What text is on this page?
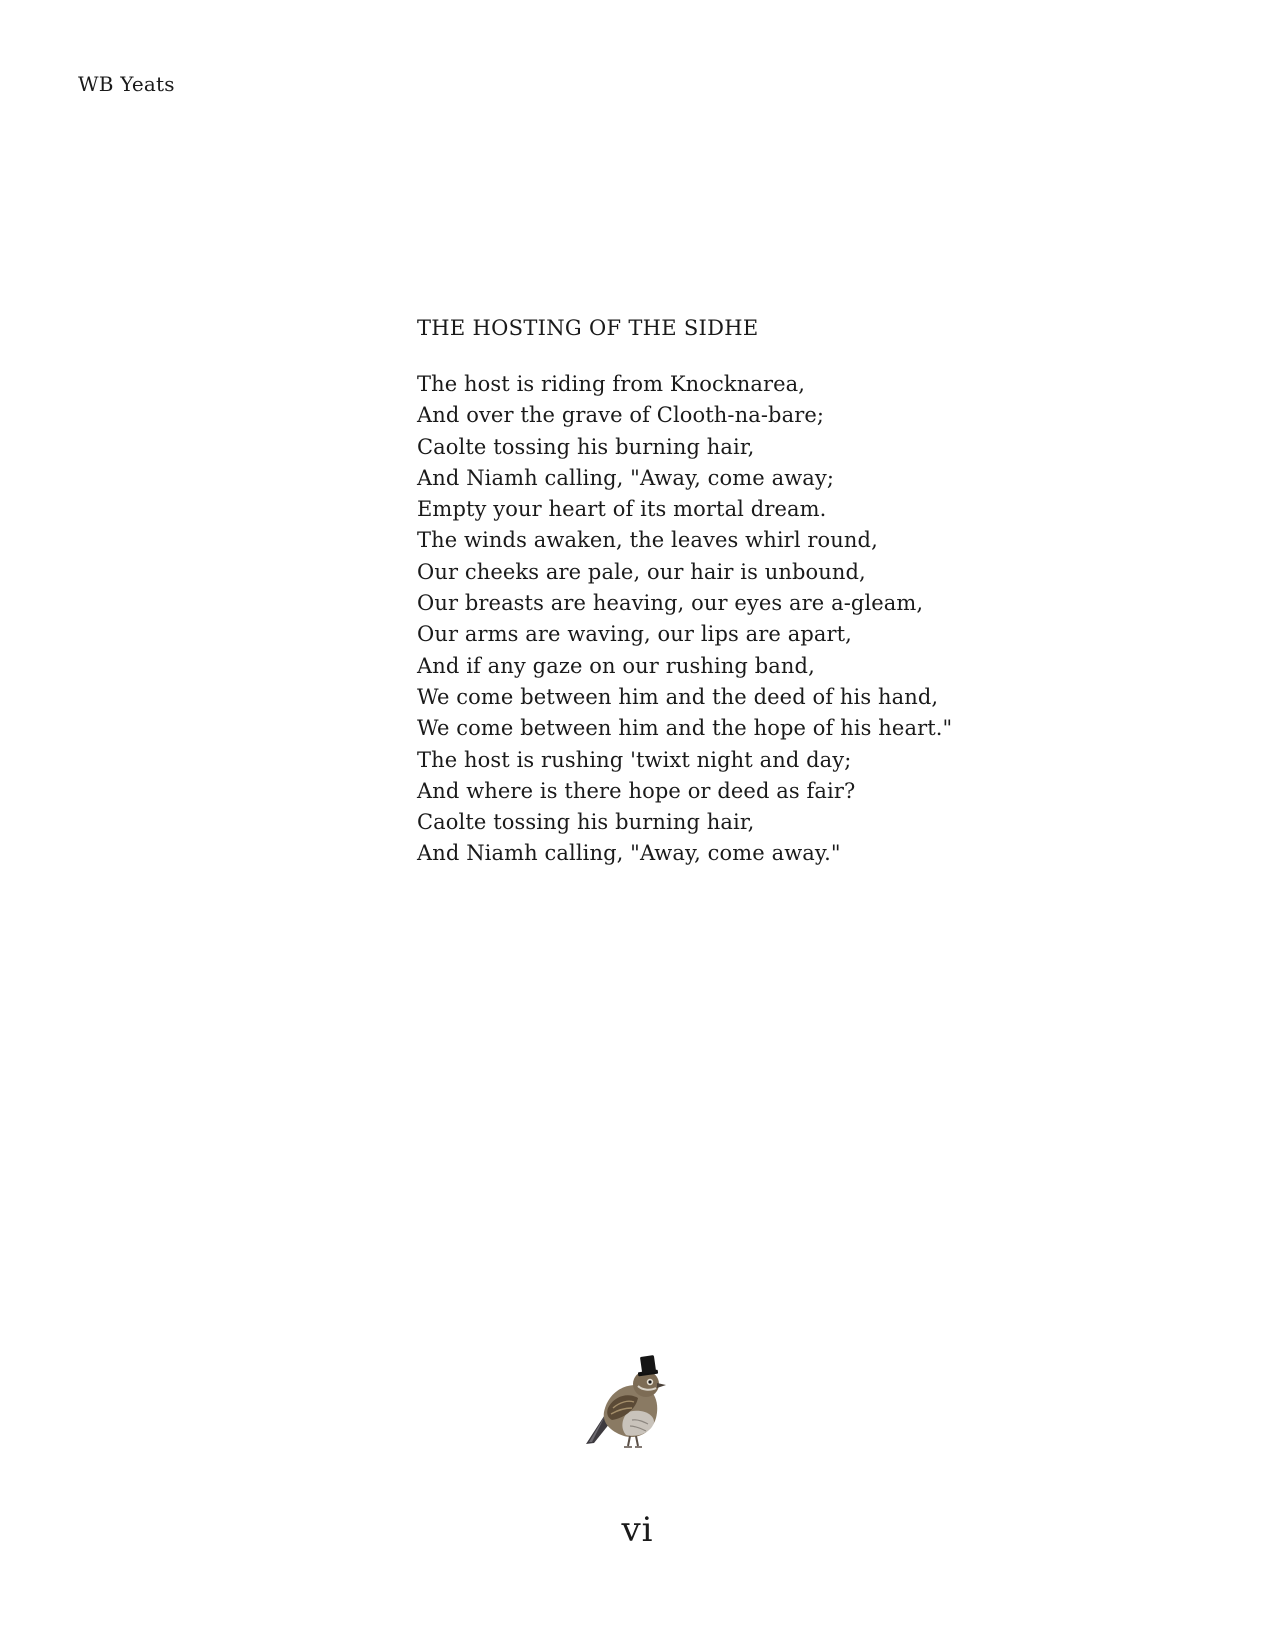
WB Yeats
THE HOSTING OF THE SIDHE
The host is riding from Knocknarea,
And over the grave of Clooth-na-bare;
Caolte tossing his burning hair,
And Niamh calling, "Away, come away;
Empty your heart of its mortal dream.
The winds awaken, the leaves whirl round,
Our cheeks are pale, our hair is unbound,
Our breasts are heaving, our eyes are a-gleam,
Our arms are waving, our lips are apart,
And if any gaze on our rushing band,
We come between him and the deed of his hand,
We come between him and the hope of his heart."
The host is rushing 'twixt night and day;
And where is there hope or deed as fair?
Caolte tossing his burning hair,
And Niamh calling, "Away, come away."
vi
